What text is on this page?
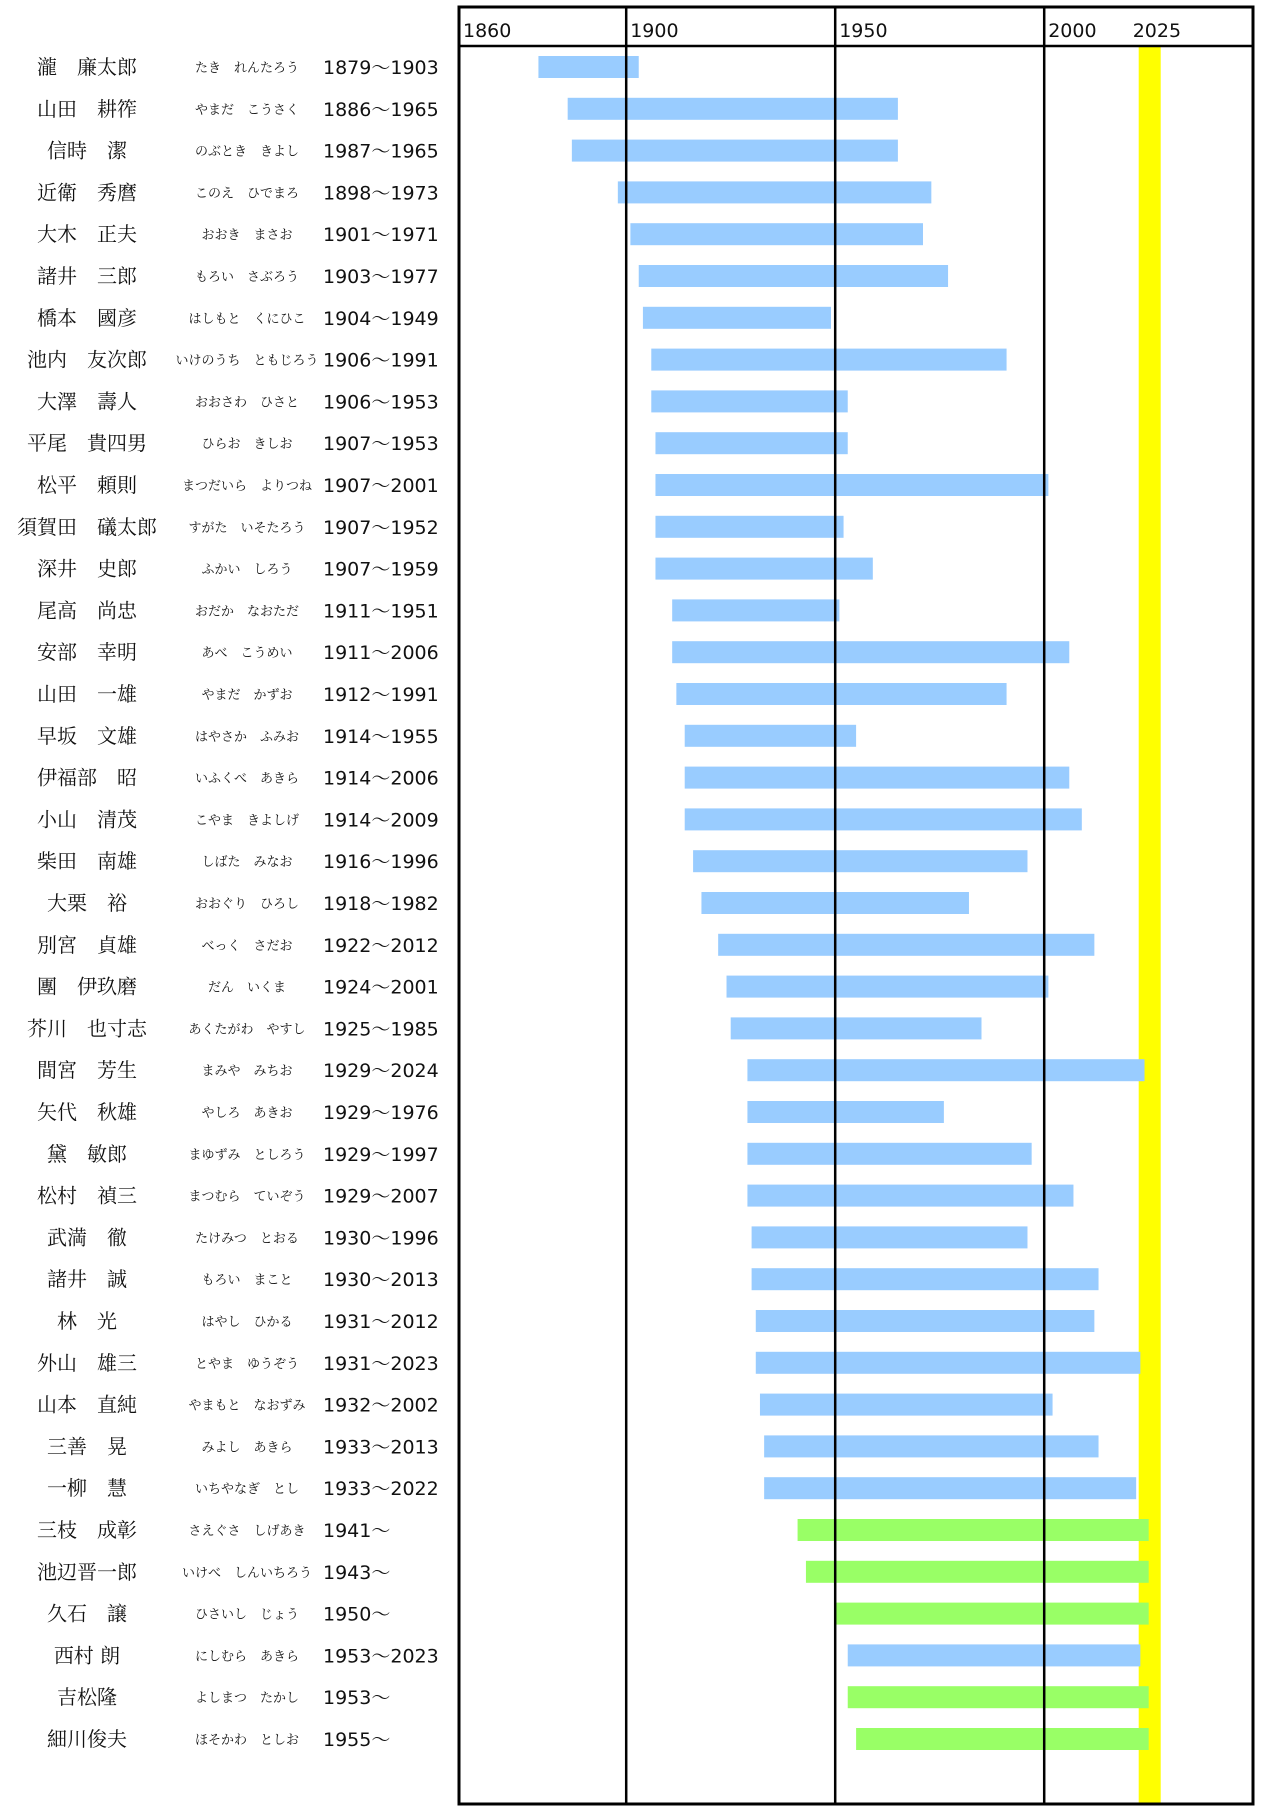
瀧　廉太郎	たき　れんたろう 1879～1903
山田　耕筰	やまだ　こうさく 1886～1965
信時　潔	のぶとき　きよし 1987～1965
近衛　秀麿	このえ　ひでまろ 1898～1973
大木　正夫	おおき　まさお 1901～1971
諸井　三郎	もろい　さぶろう 1903～1977
橋本　國彦	はしもと　くにひこ 1904～1949
池内　友次郎 いけのうち　ともじろう 1906～1991
大澤　壽人	おおさわ　ひさと 1906～1953
平尾　貴四男	ひらお　きしお 1907～1953
松平　頼則	まつだいら　よりつね 1907～2001
須賀田　礒太郎 すがた　いそたろう 1907～1952
深井　史郎	ふかい　しろう 1907～1959
尾高　尚忠	おだか　なおただ 1911～1951
安部　幸明	あべ　こうめい 1911～2006
山田　一雄	やまだ　かずお 1912～1991
早坂　文雄	はやさか　ふみお 1914～1955
伊福部　昭	いふくべ　あきら 1914～2006
小山　清茂	こやま　きよしげ 1914～2009
柴田　南雄	しばた　みなお 1916～1996
大栗　裕	おおぐり　ひろし 1918～1982
別宮　貞雄	べっく　さだお 1922～2012
團　伊玖磨	だん　いくま 1924～2001
芥川　也寸志	あくたがわ　やすし 1925～1985
間宮　芳生	まみや　みちお 1929～2024
矢代　秋雄	やしろ　あきお 1929～1976
黛　敏郎	まゆずみ　としろう 1929～1997
松村　禎三	まつむら　ていぞう 1929～2007
武満　徹	たけみつ　とおる 1930～1996
諸井　誠	もろい　まこと 1930～2013
林　光	はやし　ひかる 1931～2012
外山　雄三	とやま　ゆうぞう 1931～2023
山本　直純	やまもと　なおずみ 1932～2002
三善　晃	みよし　あきら 1933～2013
一柳　慧	いちやなぎ　とし 1933～2022
三枝　成彰	さえぐさ　しげあき 1941～
池辺晋一郎	いけべ　しんいちろう 1943～
久石　譲	ひさいし　じょう 1950～
西村 朗	にしむら　あきら 1953～2023
吉松隆	よしまつ　たかし 1953～
細川俊夫	ほそかわ　としお 1955～
1860	1900	1950	2000 2025
